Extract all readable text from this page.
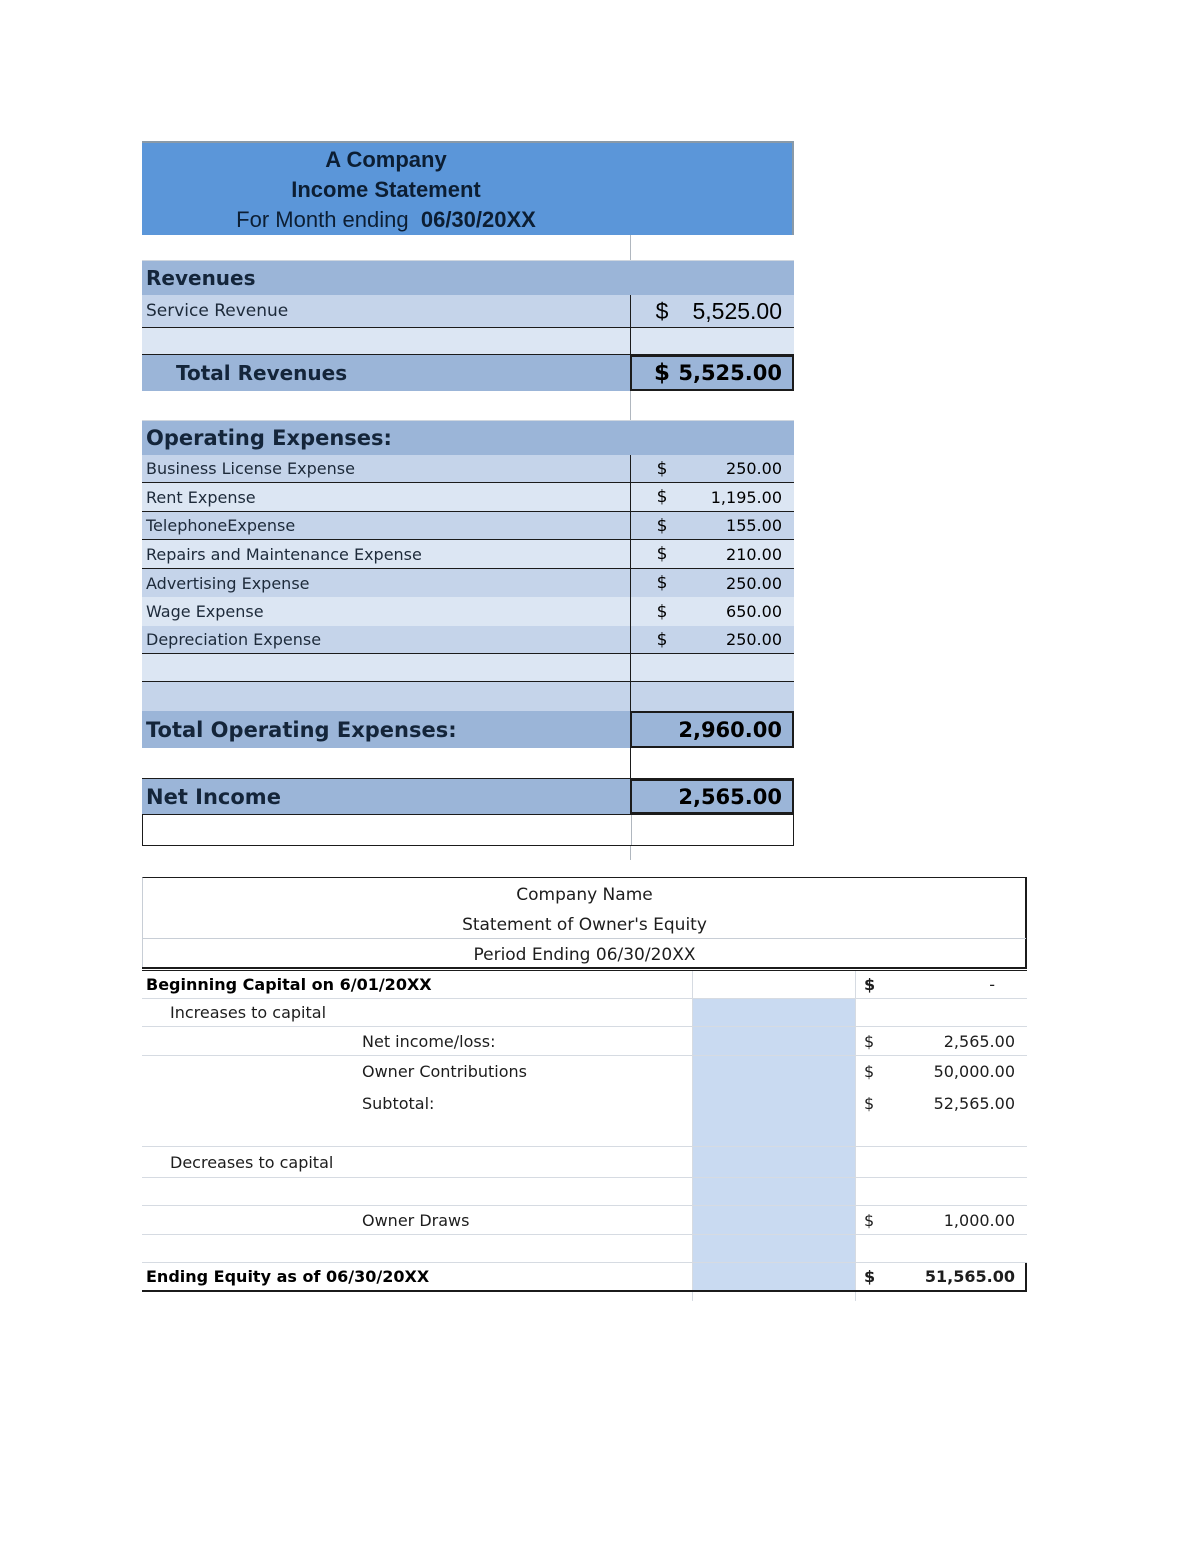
A Company
Income Statement
For Month ending 06/30/20XX
Revenues
Service Revenue	$	5,525.00
Total Revenues	$ 5,525.00
Operating Expenses:
Business License Expense	$	250.00
Rent Expense	$	1,195.00
TelephoneExpense	$	155.00
Repairs and Maintenance Expense	$	210.00
Advertising Expense	$	250.00
Wage Expense	$	650.00
Depreciation Expense	$	250.00
Total Operating Expenses:	2,960.00
Net Income	2,565.00
Company Name
Statement of Owner's Equity
Period Ending 06/30/20XX
Beginning Capital on 6/01/20XX	$	-
Increases to capital
Net income/loss:	$	2,565.00
Owner Contributions	$	50,000.00
Subtotal:	$	52,565.00
Decreases to capital
Owner Draws	$	1,000.00
Ending Equity as of 06/30/20XX	$	51,565.00
